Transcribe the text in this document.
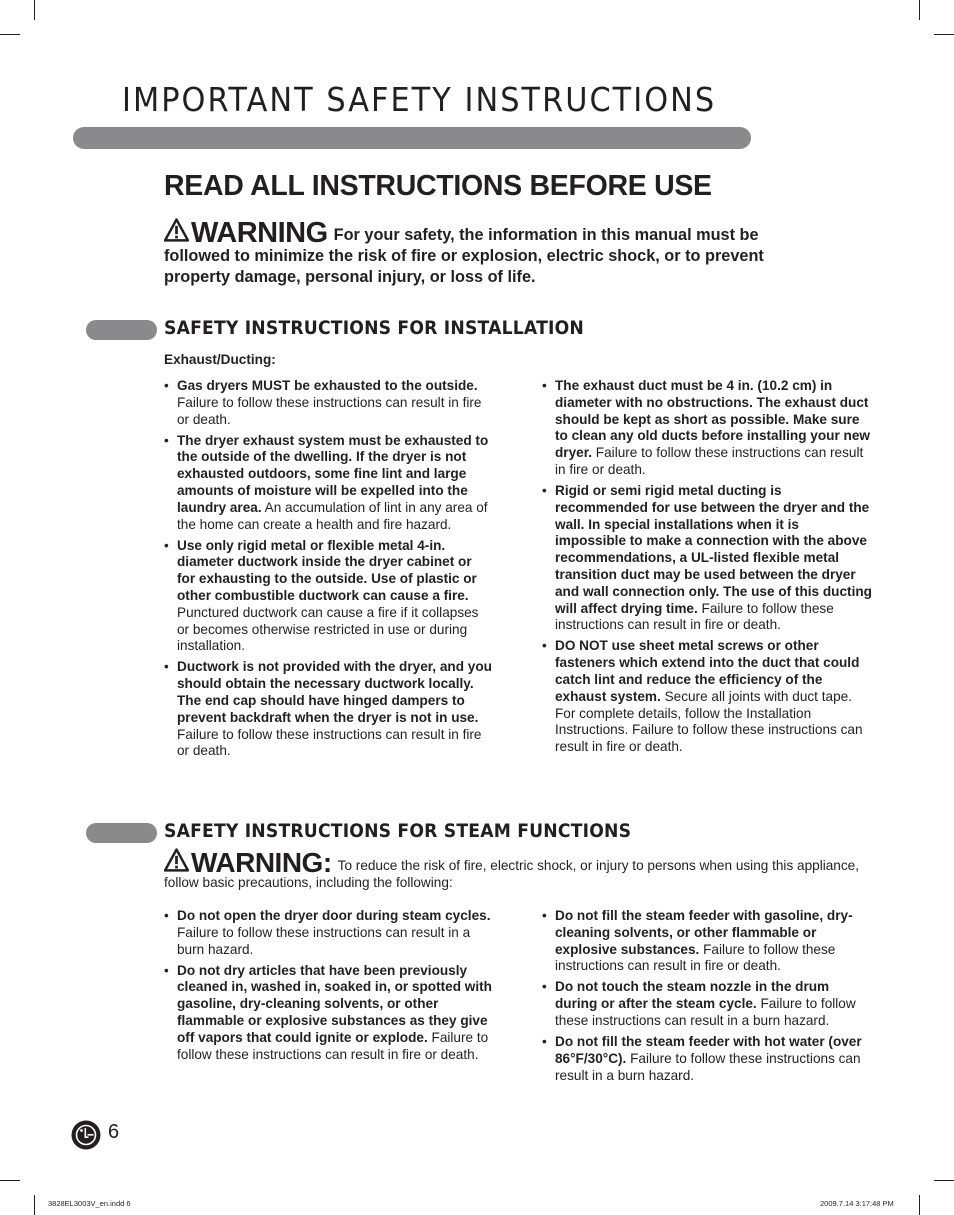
IMPORTANT SAFETY INSTRUCTIONS
READ ALL INSTRUCTIONS BEFORE USE
WARNING For your safety, the information in this manual must be followed to minimize the risk of fire or explosion, electric shock, or to prevent property damage, personal injury, or loss of life.
SAFETY INSTRUCTIONS FOR INSTALLATION
Exhaust/Ducting:
• Gas dryers MUST be exhausted to the outside. Failure to follow these instructions can result in fire or death.
• The dryer exhaust system must be exhausted to the outside of the dwelling. If the dryer is not exhausted outdoors, some fine lint and large amounts of moisture will be expelled into the laundry area. An accumulation of lint in any area of the home can create a health and fire hazard.
• Use only rigid metal or flexible metal 4-in. diameter ductwork inside the dryer cabinet or for exhausting to the outside. Use of plastic or other combustible ductwork can cause a fire. Punctured ductwork can cause a fire if it collapses or becomes otherwise restricted in use or during installation.
• Ductwork is not provided with the dryer, and you should obtain the necessary ductwork locally. The end cap should have hinged dampers to prevent backdraft when the dryer is not in use. Failure to follow these instructions can result in fire or death.
• The exhaust duct must be 4 in. (10.2 cm) in diameter with no obstructions. The exhaust duct should be kept as short as possible. Make sure to clean any old ducts before installing your new dryer. Failure to follow these instructions can result in fire or death.
• Rigid or semi rigid metal ducting is recommended for use between the dryer and the wall. In special installations when it is impossible to make a connection with the above recommendations, a UL-listed flexible metal transition duct may be used between the dryer and wall connection only. The use of this ducting will affect drying time. Failure to follow these instructions can result in fire or death.
• DO NOT use sheet metal screws or other fasteners which extend into the duct that could catch lint and reduce the efficiency of the exhaust system. Secure all joints with duct tape. For complete details, follow the Installation Instructions. Failure to follow these instructions can result in fire or death.
SAFETY INSTRUCTIONS FOR STEAM FUNCTIONS
WARNING: To reduce the risk of fire, electric shock, or injury to persons when using this appliance, follow basic precautions, including the following:
• Do not open the dryer door during steam cycles. Failure to follow these instructions can result in a burn hazard.
• Do not dry articles that have been previously cleaned in, washed in, soaked in, or spotted with gasoline, dry-cleaning solvents, or other flammable or explosive substances as they give off vapors that could ignite or explode. Failure to follow these instructions can result in fire or death.
• Do not fill the steam feeder with gasoline, dry-cleaning solvents, or other flammable or explosive substances. Failure to follow these instructions can result in fire or death.
• Do not touch the steam nozzle in the drum during or after the steam cycle. Failure to follow these instructions can result in a burn hazard.
• Do not fill the steam feeder with hot water (over 86°F/30°C). Failure to follow these instructions can result in a burn hazard.
6
3828EL3003V_en.indd 6	2009.7.14 3:17:48 PM
